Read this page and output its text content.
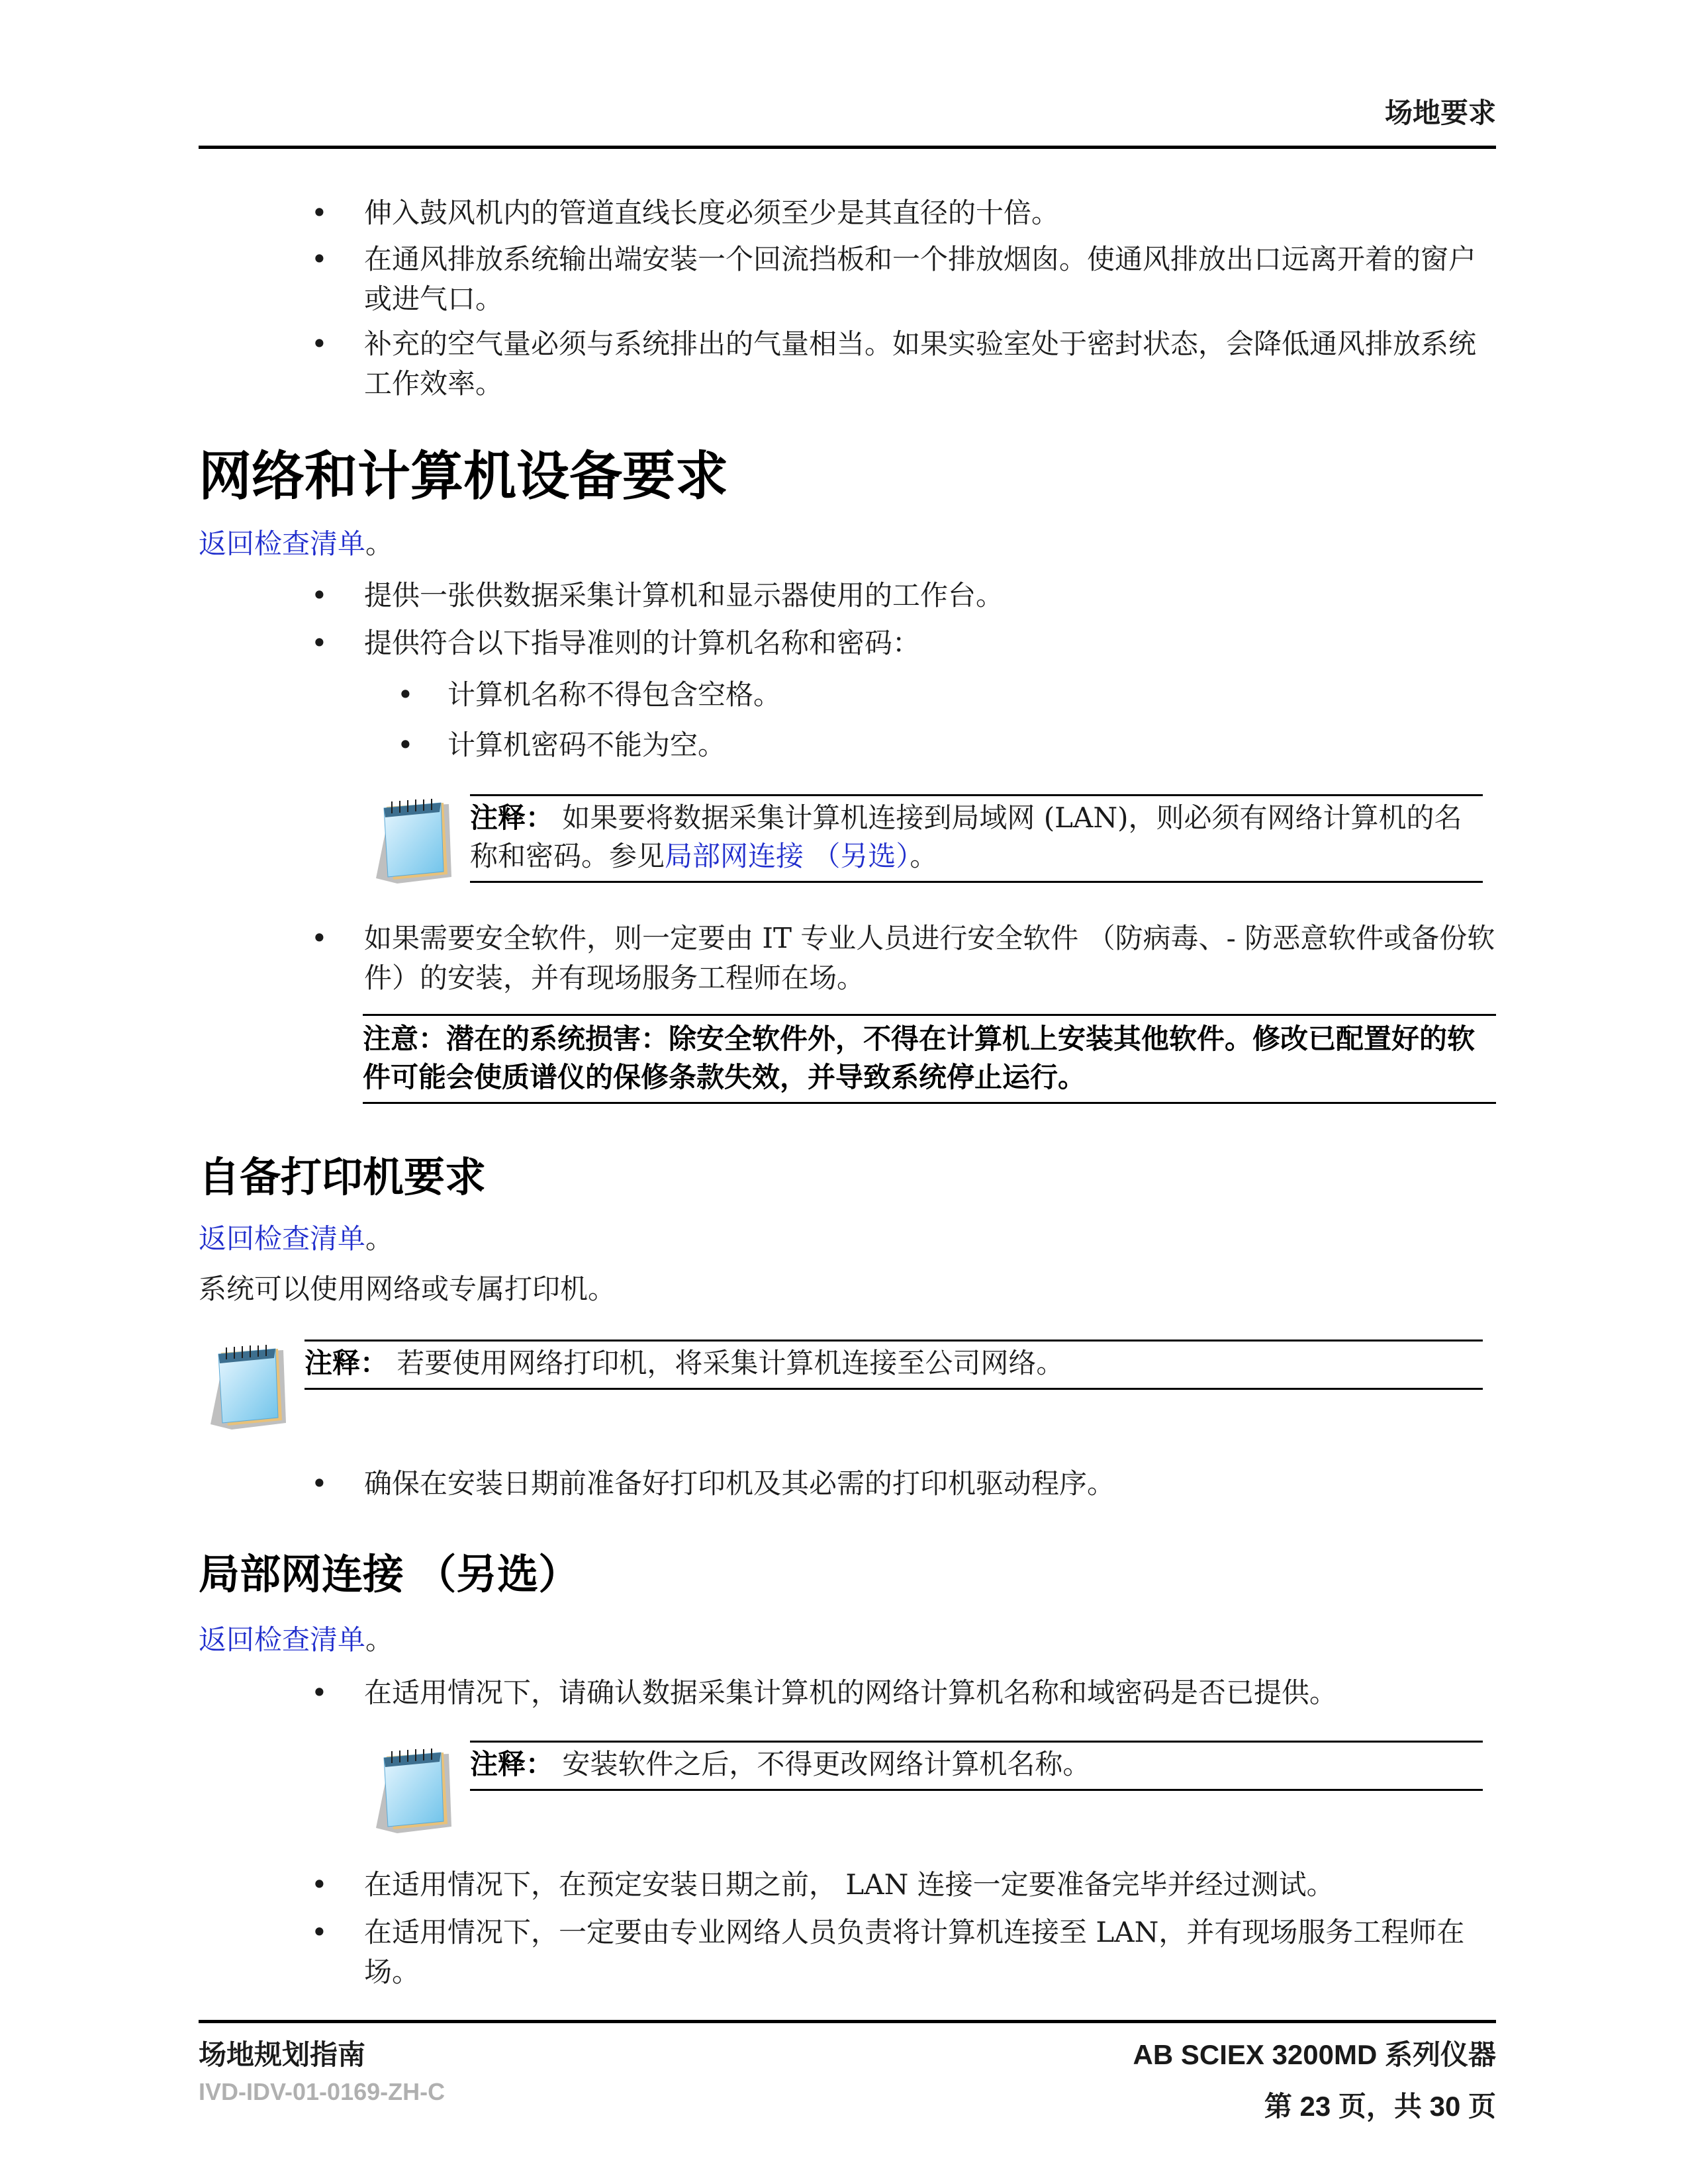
场地要求
•	伸入鼓风机内的管道直线长度必须至少是其直径的十倍。
•	在通风排放系统输出端安装一个回流挡板和一个排放烟囱。使通风排放出口远离开着的窗户或进气口。
•	补充的空气量必须与系统排出的气量相当。如果实验室处于密封状态，会降低通风排放系统工作效率。
网络和计算机设备要求
返回检查清单。
•	提供一张供数据采集计算机和显示器使用的工作台。
•	提供符合以下指导准则的计算机名称和密码：
•	计算机名称不得包含空格。
•	计算机密码不能为空。
注释： 如果要将数据采集计算机连接到局域网 (LAN)，则必须有网络计算机的名称和密码。参见局部网连接 （另选）。
•	如果需要安全软件，则一定要由 IT 专业人员进行安全软件 （防病毒、- 防恶意软件或备份软件）的安装，并有现场服务工程师在场。
注意：潜在的系统损害：除安全软件外，不得在计算机上安装其他软件。修改已配置好的软件可能会使质谱仪的保修条款失效，并导致系统停止运行。
自备打印机要求
返回检查清单。
系统可以使用网络或专属打印机。
注释： 若要使用网络打印机，将采集计算机连接至公司网络。
•	确保在安装日期前准备好打印机及其必需的打印机驱动程序。
局部网连接 （另选）
返回检查清单。
•	在适用情况下，请确认数据采集计算机的网络计算机名称和域密码是否已提供。
注释： 安装软件之后，不得更改网络计算机名称。
•	在适用情况下，在预定安装日期之前， LAN 连接一定要准备完毕并经过测试。
•	在适用情况下，一定要由专业网络人员负责将计算机连接至 LAN，并有现场服务工程师在场。
场地规划指南	AB SCIEX 3200MD 系列仪器
IVD-IDV-01-0169-ZH-C	第 23 页，共 30 页
